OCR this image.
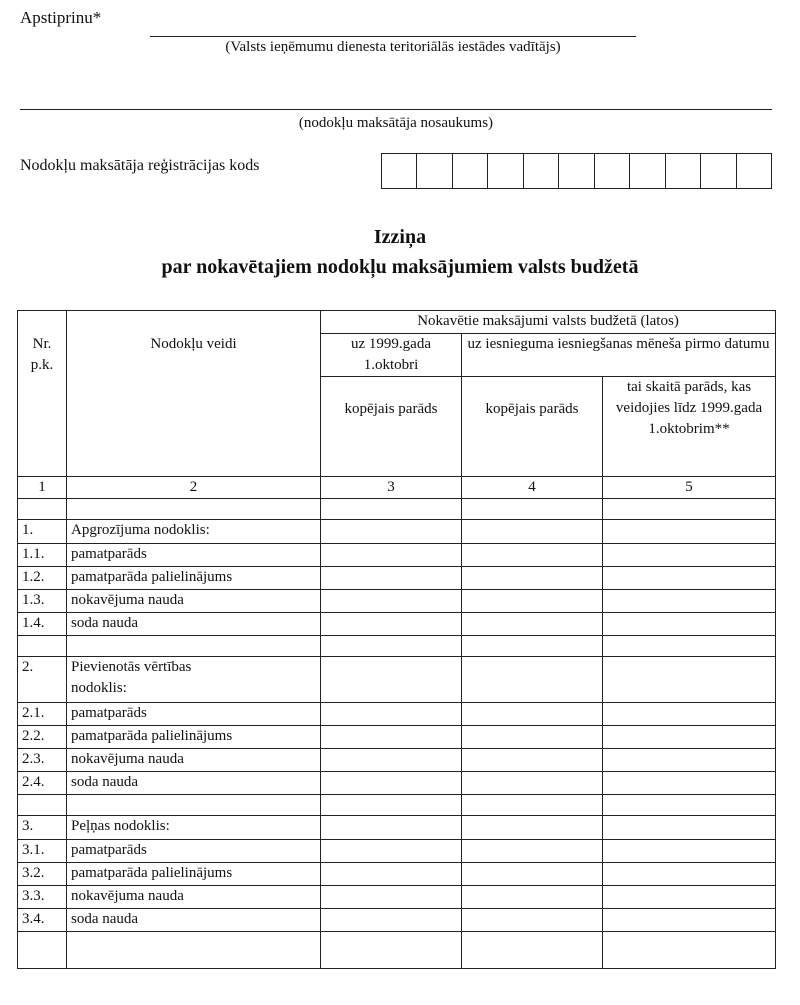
Apstiprinu*
(Valsts ieņēmumu dienesta teritoriālās iestādes vadītājs)
(nodokļu maksātāja nosaukums)
Nodokļu maksātāja reģistrācijas kods
Izziņa
par nokavētajiem nodokļu maksājumiem valsts budžetā
		Nokavētie maksājumi valsts budžetā (latos)		
Nr. p.k.	Nodokļu veidi	uz 1999.gada 1.oktobri	uz iesnieguma iesniegšanas mēneša pirmo datumu	
		kopējais parāds	kopējais parāds	tai skaitā parāds, kas veidojies līdz 1999.gada 1.oktobrim**
1	2	3	4	5

1.	Apgrozījuma nodoklis:			
1.1.	pamatparāds			
1.2.	pamatparāda palielinājums			
1.3.	nokavējuma nauda			
1.4.	soda nauda			

2.	Pievienotās vērtības
nodoklis:			

2.1.	pamatparāds			
2.2.	pamatparāda palielinājums			
2.3.	nokavējuma nauda			
2.4.	soda nauda			

3.	Peļņas nodoklis:			
3.1.	pamatparāds			
3.2.	pamatparāda palielinājums			
3.3.	nokavējuma nauda			
3.4.	soda nauda			
